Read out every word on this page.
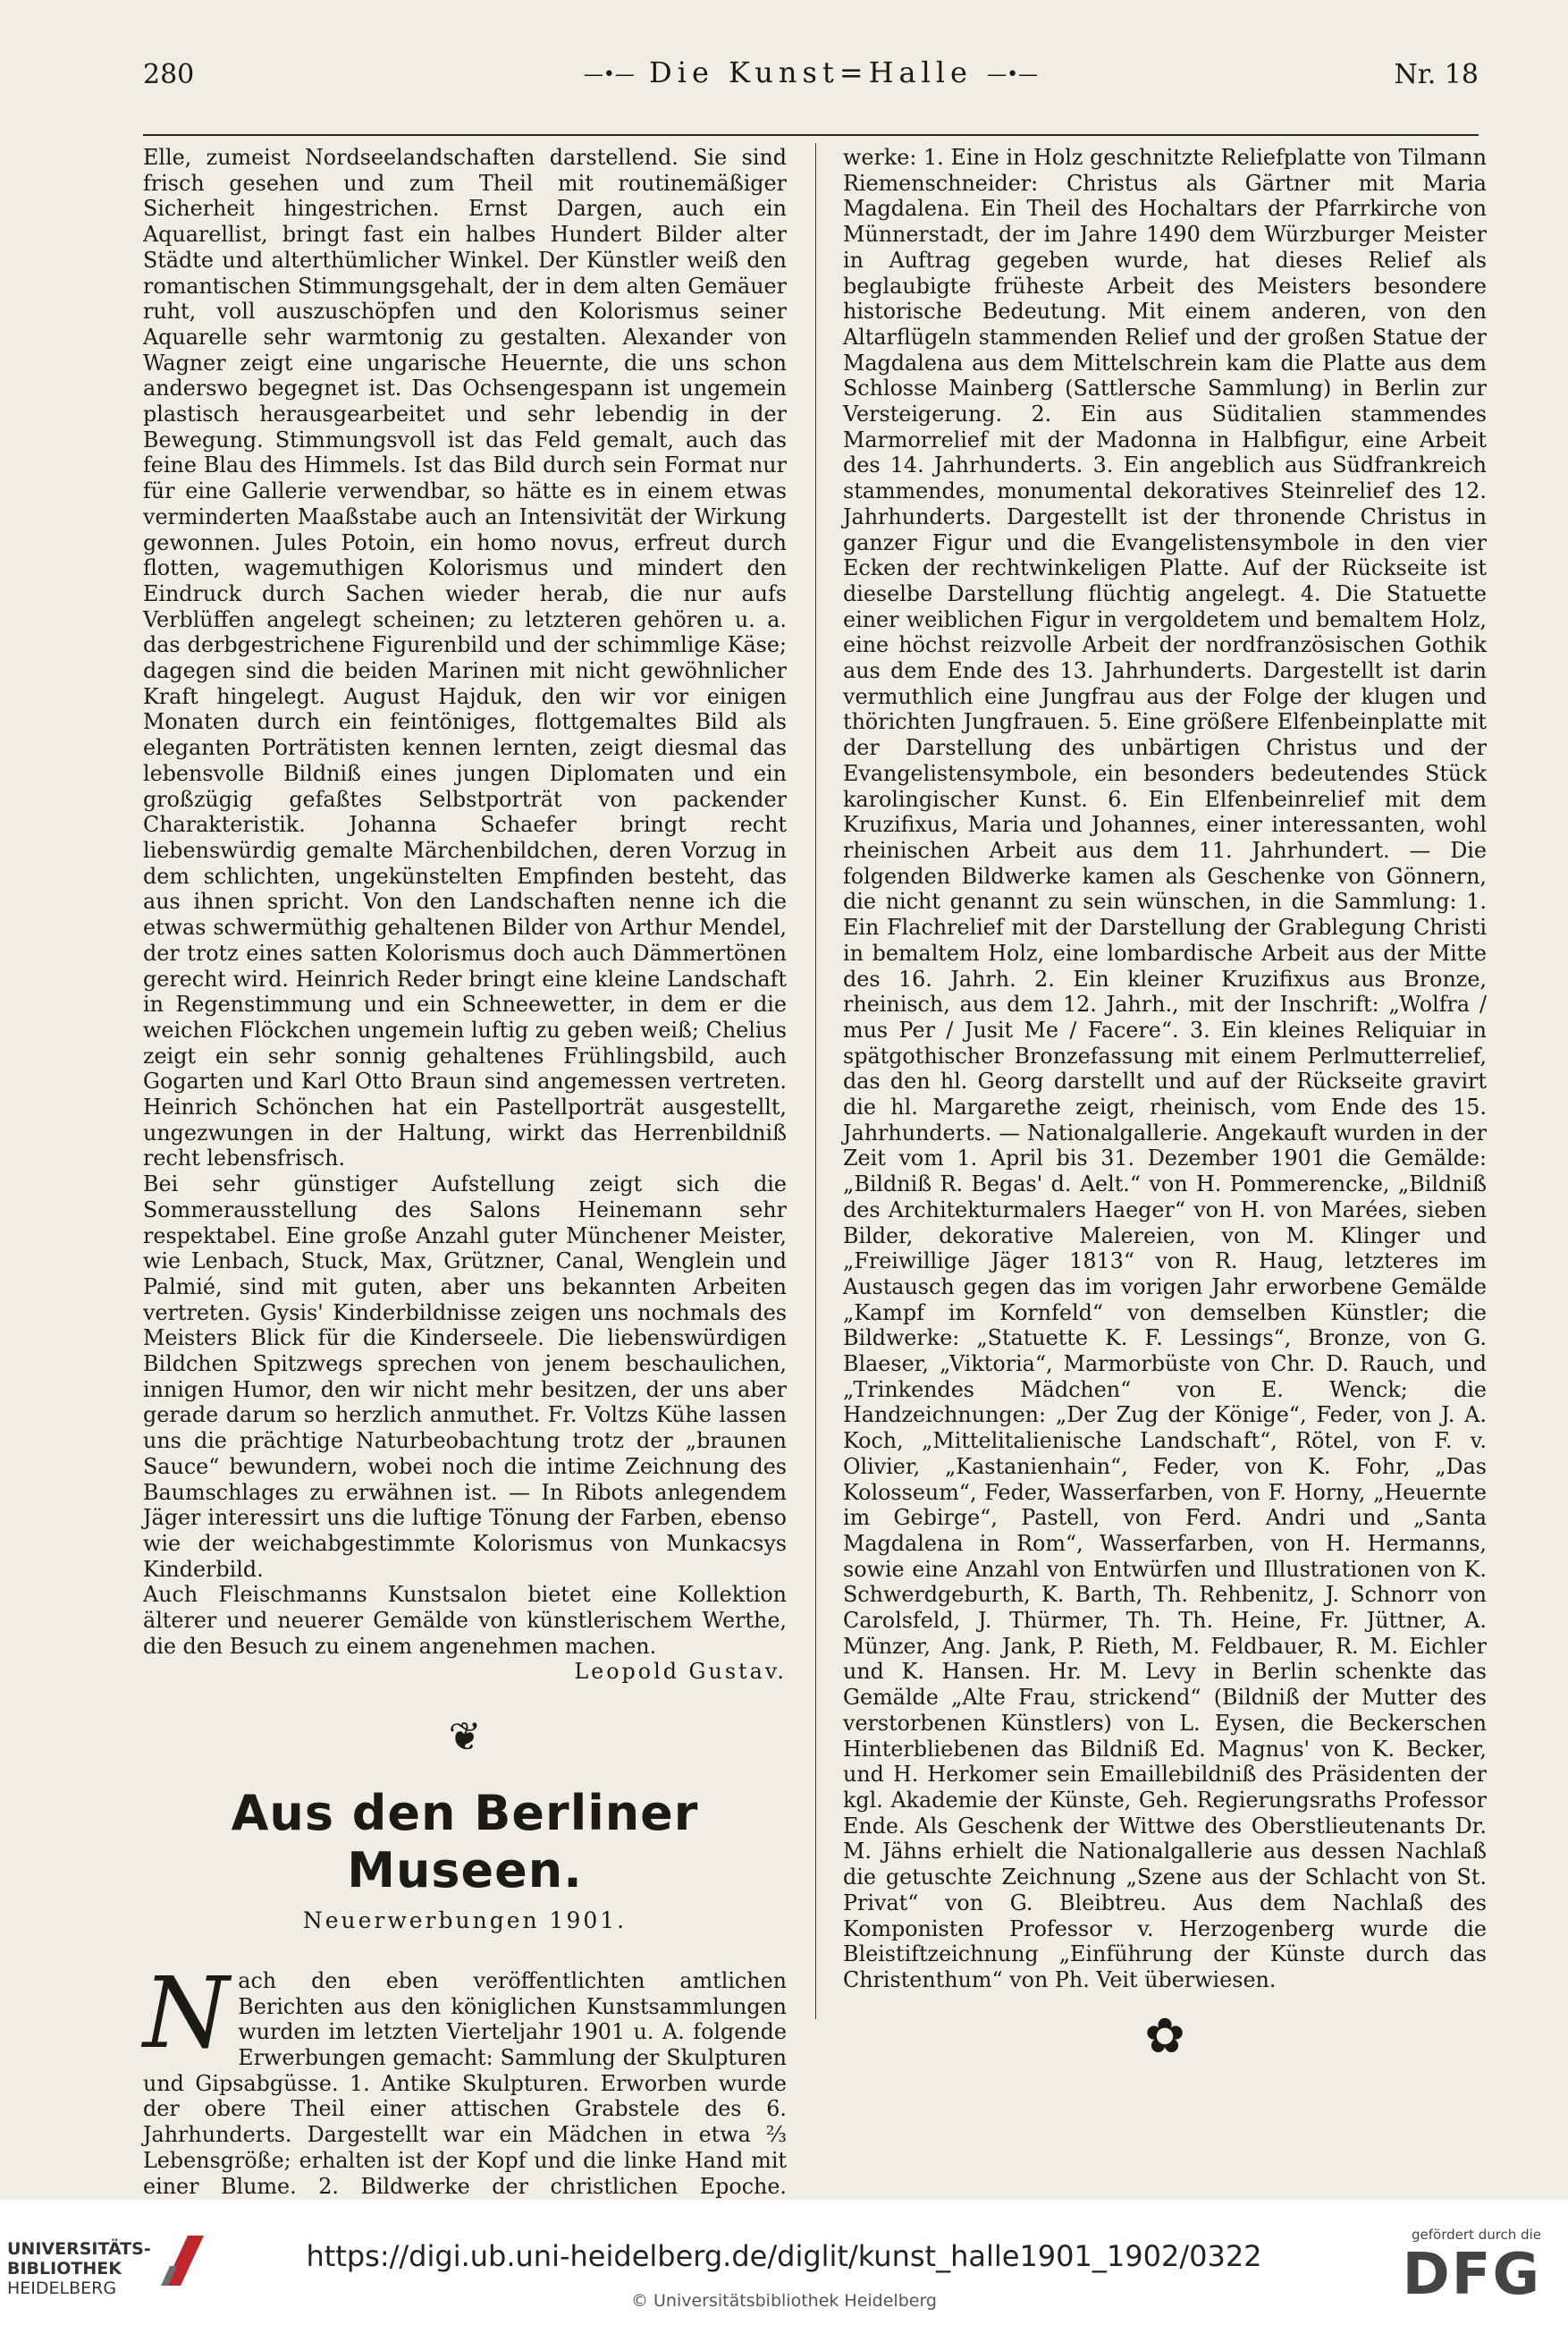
280	—•— Die Kunst=Halle —•—	Nr. 18

Elle, zumeist Nordseelandschaften darstellend. Sie sind frisch gesehen und zum Theil mit routinemäßiger Sicherheit hingestrichen. Ernst Dargen, auch ein Aquarellist, bringt fast ein halbes Hundert Bilder alter Städte und alterthümlicher Winkel. Der Künstler weiß den romantischen Stimmungsgehalt, der in dem alten Gemäuer ruht, voll auszuschöpfen und den Kolorismus seiner Aquarelle sehr warmtonig zu gestalten. Alexander von Wagner zeigt eine ungarische Heuernte, die uns schon anderswo begegnet ist. Das Ochsengespann ist ungemein plastisch herausgearbeitet und sehr lebendig in der Bewegung. Stimmungsvoll ist das Feld gemalt, auch das feine Blau des Himmels. Ist das Bild durch sein Format nur für eine Gallerie verwendbar, so hätte es in einem etwas verminderten Maaßstabe auch an Intensivität der Wirkung gewonnen. Jules Potoin, ein homo novus, erfreut durch flotten, wagemuthigen Kolorismus und mindert den Eindruck durch Sachen wieder herab, die nur aufs Verblüffen angelegt scheinen; zu letzteren gehören u. a. das derbgestrichene Figurenbild und der schimmlige Käse; dagegen sind die beiden Marinen mit nicht gewöhnlicher Kraft hingelegt. August Hajduk, den wir vor einigen Monaten durch ein feintöniges, flottgemaltes Bild als eleganten Porträtisten kennen lernten, zeigt diesmal das lebensvolle Bildniß eines jungen Diplomaten und ein großzügig gefaßtes Selbstporträt von packender Charakteristik. Johanna Schaefer bringt recht liebenswürdig gemalte Märchenbildchen, deren Vorzug in dem schlichten, ungekünstelten Empfinden besteht, das aus ihnen spricht. Von den Landschaften nenne ich die etwas schwermüthig gehaltenen Bilder von Arthur Mendel, der trotz eines satten Kolorismus doch auch Dämmertönen gerecht wird. Heinrich Reder bringt eine kleine Landschaft in Regenstimmung und ein Schneewetter, in dem er die weichen Flöckchen ungemein luftig zu geben weiß; Chelius zeigt ein sehr sonnig gehaltenes Frühlingsbild, auch Gogarten und Karl Otto Braun sind angemessen vertreten. Heinrich Schönchen hat ein Pastellporträt ausgestellt, ungezwungen in der Haltung, wirkt das Herrenbildniß recht lebensfrisch.

Bei sehr günstiger Aufstellung zeigt sich die Sommerausstellung des Salons Heinemann sehr respektabel. Eine große Anzahl guter Münchener Meister, wie Lenbach, Stuck, Max, Grützner, Canal, Wenglein und Palmié, sind mit guten, aber uns bekannten Arbeiten vertreten. Gysis' Kinderbildnisse zeigen uns nochmals des Meisters Blick für die Kinderseele. Die liebenswürdigen Bildchen Spitzwegs sprechen von jenem beschaulichen, innigen Humor, den wir nicht mehr besitzen, der uns aber gerade darum so herzlich anmuthet. Fr. Voltzs Kühe lassen uns die prächtige Naturbeobachtung trotz der „braunen Sauce“ bewundern, wobei noch die intime Zeichnung des Baumschlages zu erwähnen ist. — In Ribots anlegendem Jäger interessirt uns die luftige Tönung der Farben, ebenso wie der weichabgestimmte Kolorismus von Munkacsys Kinderbild.

Auch Fleischmanns Kunstsalon bietet eine Kollektion älterer und neuerer Gemälde von künstlerischem Werthe, die den Besuch zu einem angenehmen machen.

Leopold Gustav.

❦
Aus den Berliner Museen.
Neuerwerbungen 1901.

Nach den eben veröffentlichten amtlichen Berichten aus den königlichen Kunstsammlungen wurden im letzten Vierteljahr 1901 u. A. folgende Erwerbungen gemacht: Sammlung der Skulpturen und Gipsabgüsse. 1. Antike Skulpturen. Erworben wurde der obere Theil einer attischen Grabstele des 6. Jahrhunderts. Dargestellt war ein Mädchen in etwa ⅔ Lebensgröße; erhalten ist der Kopf und die linke Hand mit einer Blume. 2. Bildwerke der christlichen Epoche.

werke: 1. Eine in Holz geschnitzte Reliefplatte von Tilmann Riemenschneider: Christus als Gärtner mit Maria Magdalena. Ein Theil des Hochaltars der Pfarrkirche von Münnerstadt, der im Jahre 1490 dem Würzburger Meister in Auftrag gegeben wurde, hat dieses Relief als beglaubigte früheste Arbeit des Meisters besondere historische Bedeutung. Mit einem anderen, von den Altarflügeln stammenden Relief und der großen Statue der Magdalena aus dem Mittelschrein kam die Platte aus dem Schlosse Mainberg (Sattlersche Sammlung) in Berlin zur Versteigerung. 2. Ein aus Süditalien stammendes Marmorrelief mit der Madonna in Halbfigur, eine Arbeit des 14. Jahrhunderts. 3. Ein angeblich aus Südfrankreich stammendes, monumental dekoratives Steinrelief des 12. Jahrhunderts. Dargestellt ist der thronende Christus in ganzer Figur und die Evangelistensymbole in den vier Ecken der rechtwinkeligen Platte. Auf der Rückseite ist dieselbe Darstellung flüchtig angelegt. 4. Die Statuette einer weiblichen Figur in vergoldetem und bemaltem Holz, eine höchst reizvolle Arbeit der nordfranzösischen Gothik aus dem Ende des 13. Jahrhunderts. Dargestellt ist darin vermuthlich eine Jungfrau aus der Folge der klugen und thörichten Jungfrauen. 5. Eine größere Elfenbeinplatte mit der Darstellung des unbärtigen Christus und der Evangelistensymbole, ein besonders bedeutendes Stück karolingischer Kunst. 6. Ein Elfenbeinrelief mit dem Kruzifixus, Maria und Johannes, einer interessanten, wohl rheinischen Arbeit aus dem 11. Jahrhundert. — Die folgenden Bildwerke kamen als Geschenke von Gönnern, die nicht genannt zu sein wünschen, in die Sammlung: 1. Ein Flachrelief mit der Darstellung der Grablegung Christi in bemaltem Holz, eine lombardische Arbeit aus der Mitte des 16. Jahrh. 2. Ein kleiner Kruzifixus aus Bronze, rheinisch, aus dem 12. Jahrh., mit der Inschrift: „Wolfra / mus Per / Jusit Me / Facere“. 3. Ein kleines Reliquiar in spätgothischer Bronzefassung mit einem Perlmutterrelief, das den hl. Georg darstellt und auf der Rückseite gravirt die hl. Margarethe zeigt, rheinisch, vom Ende des 15. Jahrhunderts. — Nationalgallerie. Angekauft wurden in der Zeit vom 1. April bis 31. Dezember 1901 die Gemälde: „Bildniß R. Begas' d. Aelt.“ von H. Pommerencke, „Bildniß des Architekturmalers Haeger“ von H. von Marées, sieben Bilder, dekorative Malereien, von M. Klinger und „Freiwillige Jäger 1813“ von R. Haug, letzteres im Austausch gegen das im vorigen Jahr erworbene Gemälde „Kampf im Kornfeld“ von demselben Künstler; die Bildwerke: „Statuette K. F. Lessings“, Bronze, von G. Blaeser, „Viktoria“, Marmorbüste von Chr. D. Rauch, und „Trinkendes Mädchen“ von E. Wenck; die Handzeichnungen: „Der Zug der Könige“, Feder, von J. A. Koch, „Mittelitalienische Landschaft“, Rötel, von F. v. Olivier, „Kastanienhain“, Feder, von K. Fohr, „Das Kolosseum“, Feder, Wasserfarben, von F. Horny, „Heuernte im Gebirge“, Pastell, von Ferd. Andri und „Santa Magdalena in Rom“, Wasserfarben, von H. Hermanns, sowie eine Anzahl von Entwürfen und Illustrationen von K. Schwerdgeburth, K. Barth, Th. Rehbenitz, J. Schnorr von Carolsfeld, J. Thürmer, Th. Th. Heine, Fr. Jüttner, A. Münzer, Ang. Jank, P. Rieth, M. Feldbauer, R. M. Eichler und K. Hansen. Hr. M. Levy in Berlin schenkte das Gemälde „Alte Frau, strickend“ (Bildniß der Mutter des verstorbenen Künstlers) von L. Eysen, die Beckerschen Hinterbliebenen das Bildniß Ed. Magnus' von K. Becker, und H. Herkomer sein Emaillebildniß des Präsidenten der kgl. Akademie der Künste, Geh. Regierungsraths Professor Ende. Als Geschenk der Wittwe des Oberstlieutenants Dr. M. Jähns erhielt die Nationalgallerie aus dessen Nachlaß die getuschte Zeichnung „Szene aus der Schlacht von St. Privat“ von G. Bleibtreu. Aus dem Nachlaß des Komponisten Professor v. Herzogenberg wurde die Bleistiftzeichnung „Einführung der Künste durch das Christenthum“ von Ph. Veit überwiesen.

✿
UNIVERSITÄTS-
BIBLIOTHEK
HEIDELBERG
https://digi.ub.uni-heidelberg.de/diglit/kunst_halle1901_1902/0322
© Universitätsbibliothek Heidelberg
gefördert durch die
DFG
